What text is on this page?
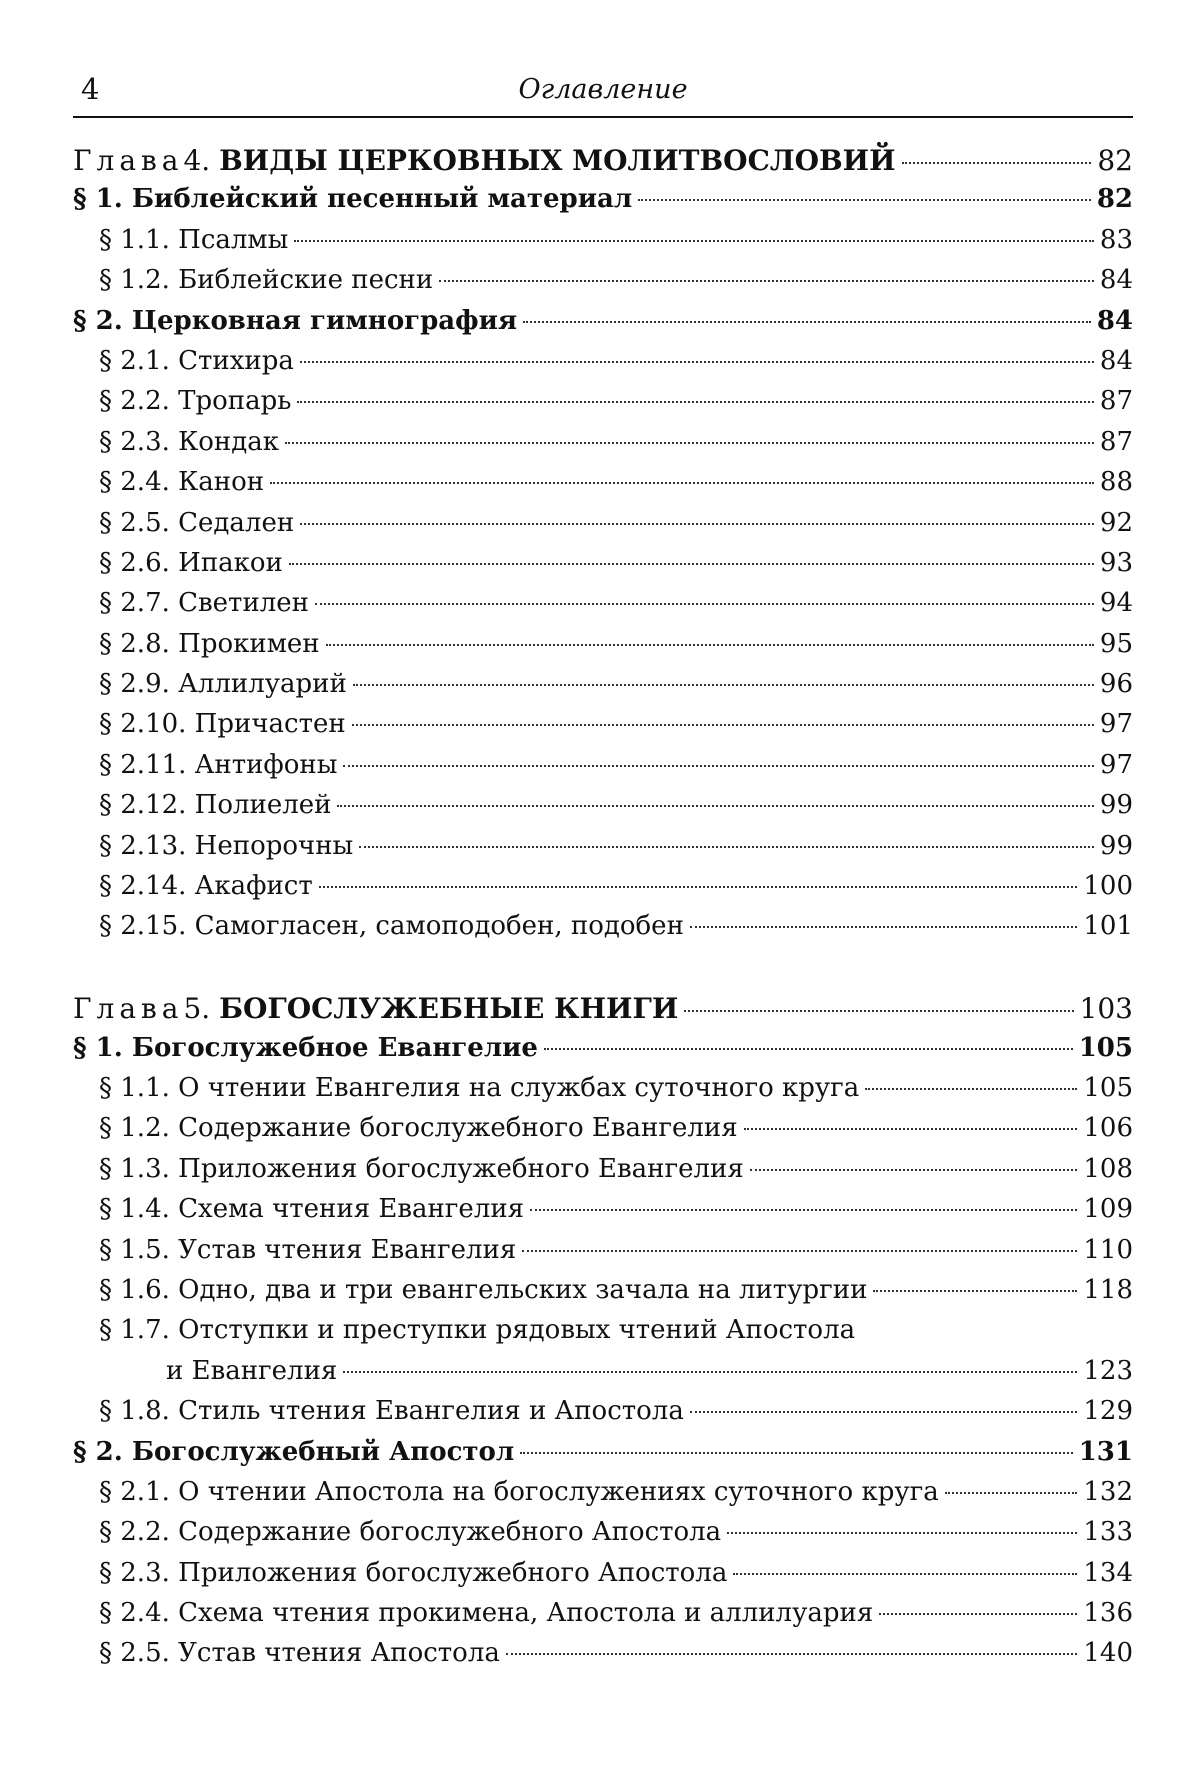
4	Оглавление
Глава4. ВИДЫ ЦЕРКОВНЫХ МОЛИТВОСЛОВИЙ	82
§ 1. Библейский песенный материал	82
§ 1.1. Псалмы	83
§ 1.2. Библейские песни	84
§ 2. Церковная гимнография	84
§ 2.1. Стихира	84
§ 2.2. Тропарь	87
§ 2.3. Кондак	87
§ 2.4. Канон	88
§ 2.5. Седален	92
§ 2.6. Ипакои	93
§ 2.7. Светилен	94
§ 2.8. Прокимен	95
§ 2.9. Аллилуарий	96
§ 2.10. Причастен	97
§ 2.11. Антифоны	97
§ 2.12. Полиелей	99
§ 2.13. Непорочны	99
§ 2.14. Акафист	100
§ 2.15. Самогласен, самоподобен, подобен	101
Глава5. БОГОСЛУЖЕБНЫЕ КНИГИ	103
§ 1. Богослужебное Евангелие	105
§ 1.1. О чтении Евангелия на службах суточного круга	105
§ 1.2. Содержание богослужебного Евангелия	106
§ 1.3. Приложения богослужебного Евангелия	108
§ 1.4. Схема чтения Евангелия	109
§ 1.5. Устав чтения Евангелия	110
§ 1.6. Одно, два и три евангельских зачала на литургии	118
§ 1.7. Отступки и преступки рядовых чтений Апостола
и Евангелия	123
§ 1.8. Стиль чтения Евангелия и Апостола	129
§ 2. Богослужебный Апостол	131
§ 2.1. О чтении Апостола на богослужениях суточного круга	132
§ 2.2. Содержание богослужебного Апостола	133
§ 2.3. Приложения богослужебного Апостола	134
§ 2.4. Схема чтения прокимена, Апостола и аллилуария	136
§ 2.5. Устав чтения Апостола	140
